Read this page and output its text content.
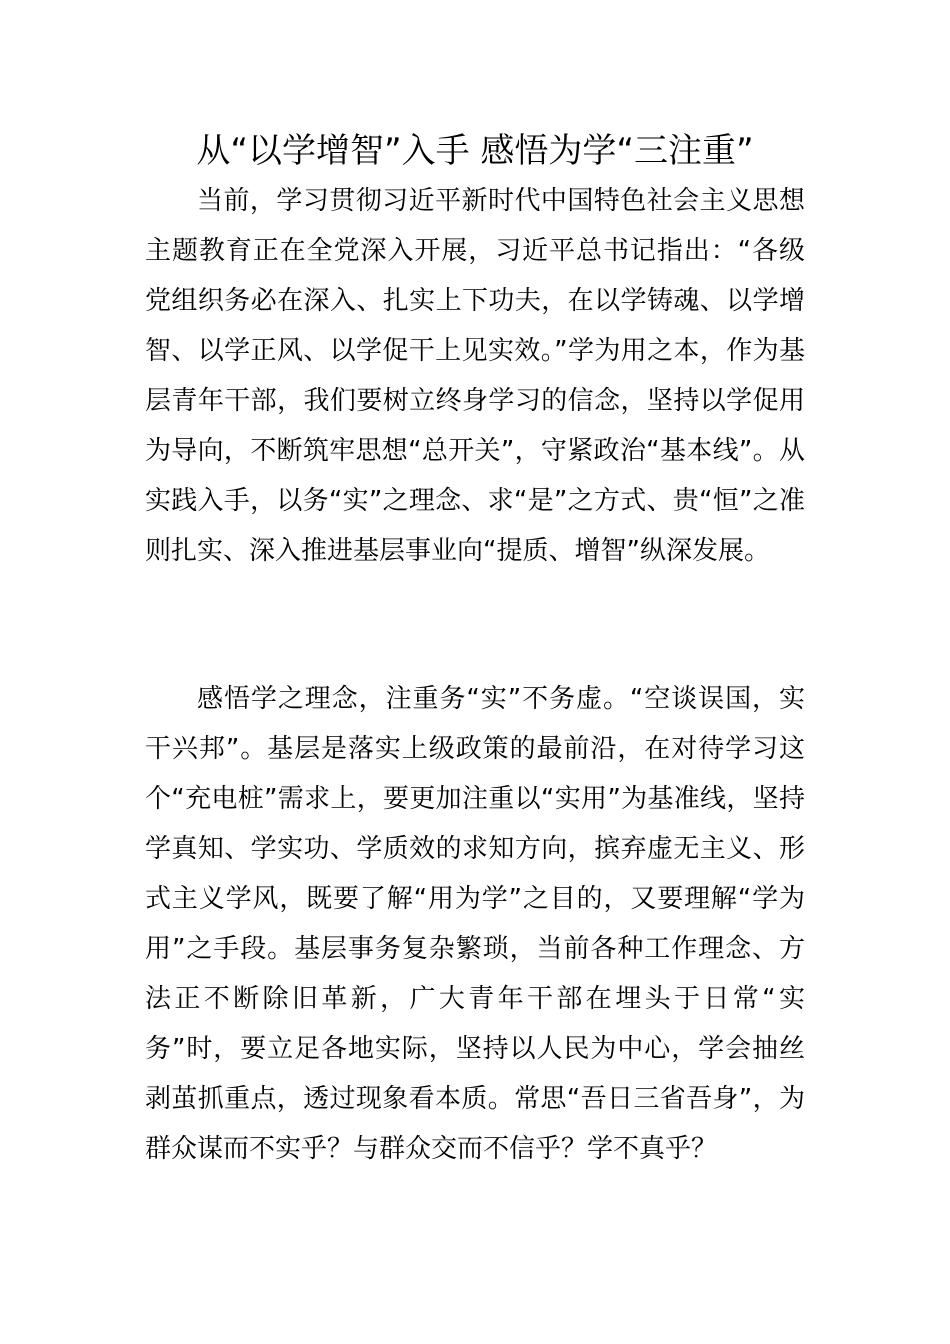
从“以学增智”入手 感悟为学“三注重”

当前，学习贯彻习近平新时代中国特色社会主义思想主题教育正在全党深入开展，习近平总书记指出：“各级党组织务必在深入、扎实上下功夫，在以学铸魂、以学增智、以学正风、以学促干上见实效。”学为用之本，作为基层青年干部，我们要树立终身学习的信念，坚持以学促用为导向，不断筑牢思想“总开关”，守紧政治“基本线”。从实践入手，以务“实”之理念、求“是”之方式、贵“恒”之准则扎实、深入推进基层事业向“提质、增智”纵深发展。

感悟学之理念，注重务“实”不务虚。“空谈误国，实干兴邦”。基层是落实上级政策的最前沿，在对待学习这个“充电桩”需求上，要更加注重以“实用”为基准线，坚持学真知、学实功、学质效的求知方向，摈弃虚无主义、形式主义学风，既要了解“用为学”之目的，又要理解“学为用”之手段。基层事务复杂繁琐，当前各种工作理念、方法正不断除旧革新，广大青年干部在埋头于日常“实务”时，要立足各地实际，坚持以人民为中心，学会抽丝剥茧抓重点，透过现象看本质。常思“吾日三省吾身”，为群众谋而不实乎？与群众交而不信乎？学不真乎？
